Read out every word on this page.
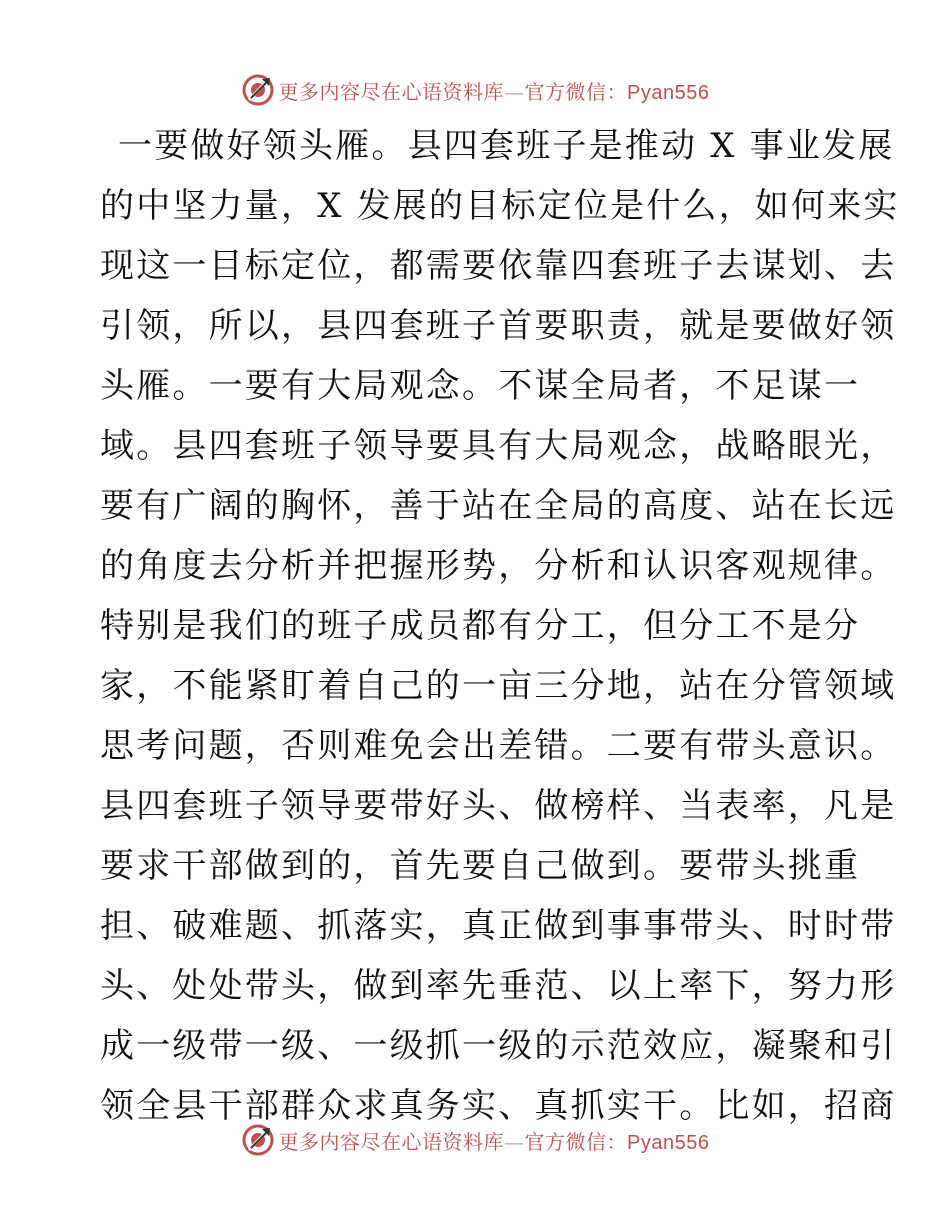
更多内容尽在心语资料库—官方微信：Pyan556
一要做好领头雁。县四套班子是推动 X 事业发展
的中坚力量，X 发展的目标定位是什么，如何来实
现这一目标定位，都需要依靠四套班子去谋划、去
引领，所以，县四套班子首要职责，就是要做好领
头雁。一要有大局观念。不谋全局者，不足谋一
域。县四套班子领导要具有大局观念，战略眼光，
要有广阔的胸怀，善于站在全局的高度、站在长远
的角度去分析并把握形势，分析和认识客观规律。
特别是我们的班子成员都有分工，但分工不是分
家，不能紧盯着自己的一亩三分地，站在分管领域
思考问题，否则难免会出差错。二要有带头意识。
县四套班子领导要带好头、做榜样、当表率，凡是
要求干部做到的，首先要自己做到。要带头挑重
担、破难题、抓落实，真正做到事事带头、时时带
头、处处带头，做到率先垂范、以上率下，努力形
成一级带一级、一级抓一级的示范效应，凝聚和引
领全县干部群众求真务实、真抓实干。比如，招商
更多内容尽在心语资料库—官方微信：Pyan556
